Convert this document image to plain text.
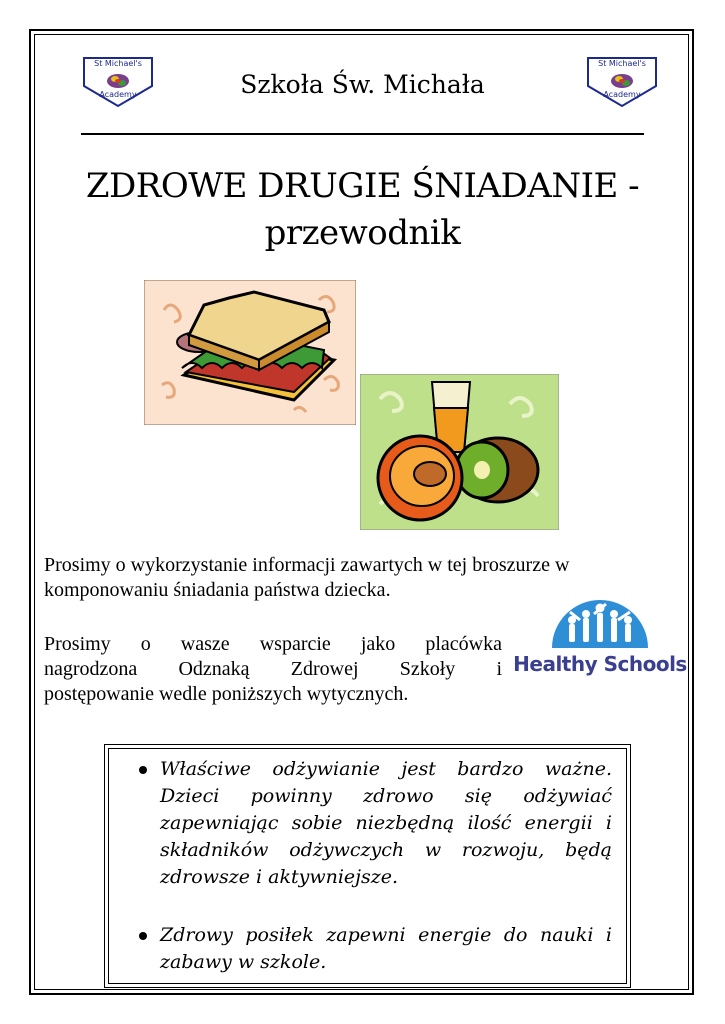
St Michael's
Academy	Szkoła Św. Michała
St Michael's
Academy
ZDROWE DRUGIE ŚNIADANIE -
przewodnik
Prosimy o wykorzystanie informacji zawartych w tej broszurze w komponowaniu śniadania państwa dziecka.
Prosimy o wasze wsparcie jako placówka
nagrodzona Odznaką Zdrowej Szkoły i
postępowanie wedle poniższych wytycznych.
Healthy Schools
Właściwe odżywianie jest bardzo ważne.
Dzieci powinny zdrowo się odżywiać
zapewniając sobie niezbędną ilość energii i
składników odżywczych w rozwoju, będą
zdrowsze i aktywniejsze.
Zdrowy posiłek zapewni energie do nauki i
zabawy w szkole.
